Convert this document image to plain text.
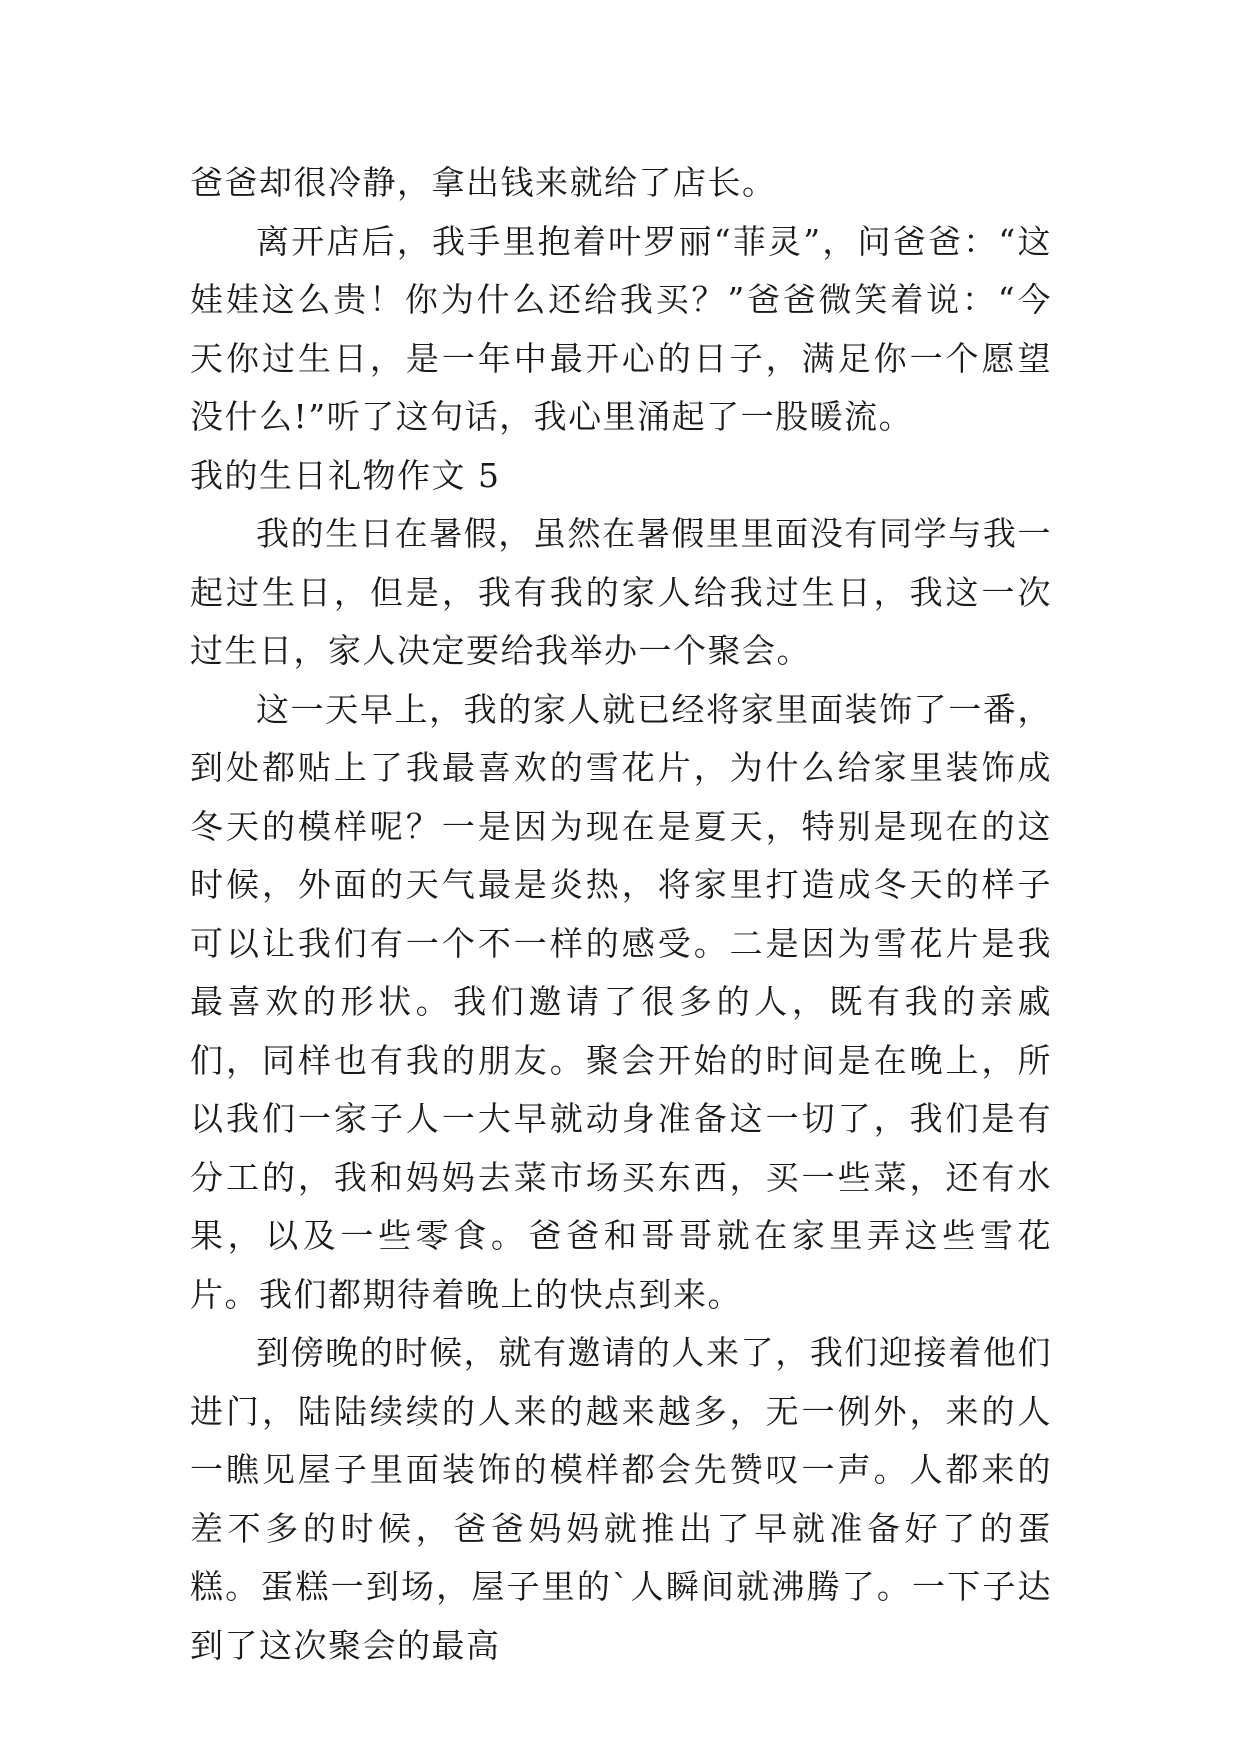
爸爸却很冷静，拿出钱来就给了店长。

离开店后，我手里抱着叶罗丽“菲灵”，问爸爸：“这娃娃这么贵！你为什么还给我买？”爸爸微笑着说：“今天你过生日，是一年中最开心的日子，满足你一个愿望没什么!”听了这句话，我心里涌起了一股暖流。

我的生日礼物作文 5

我的生日在暑假，虽然在暑假里里面没有同学与我一起过生日，但是，我有我的家人给我过生日，我这一次过生日，家人决定要给我举办一个聚会。

这一天早上，我的家人就已经将家里面装饰了一番，到处都贴上了我最喜欢的雪花片，为什么给家里装饰成冬天的模样呢？一是因为现在是夏天，特别是现在的这时候，外面的天气最是炎热，将家里打造成冬天的样子可以让我们有一个不一样的感受。二是因为雪花片是我最喜欢的形状。我们邀请了很多的人，既有我的亲戚们，同样也有我的朋友。聚会开始的时间是在晚上，所以我们一家子人一大早就动身准备这一切了，我们是有分工的，我和妈妈去菜市场买东西，买一些菜，还有水果，以及一些零食。爸爸和哥哥就在家里弄这些雪花片。我们都期待着晚上的快点到来。

到傍晚的时候，就有邀请的人来了，我们迎接着他们进门，陆陆续续的人来的越来越多，无一例外，来的人一瞧见屋子里面装饰的模样都会先赞叹一声。人都来的差不多的时候，爸爸妈妈就推出了早就准备好了的蛋糕。蛋糕一到场，屋子里的`人瞬间就沸腾了。一下子达到了这次聚会的最高
